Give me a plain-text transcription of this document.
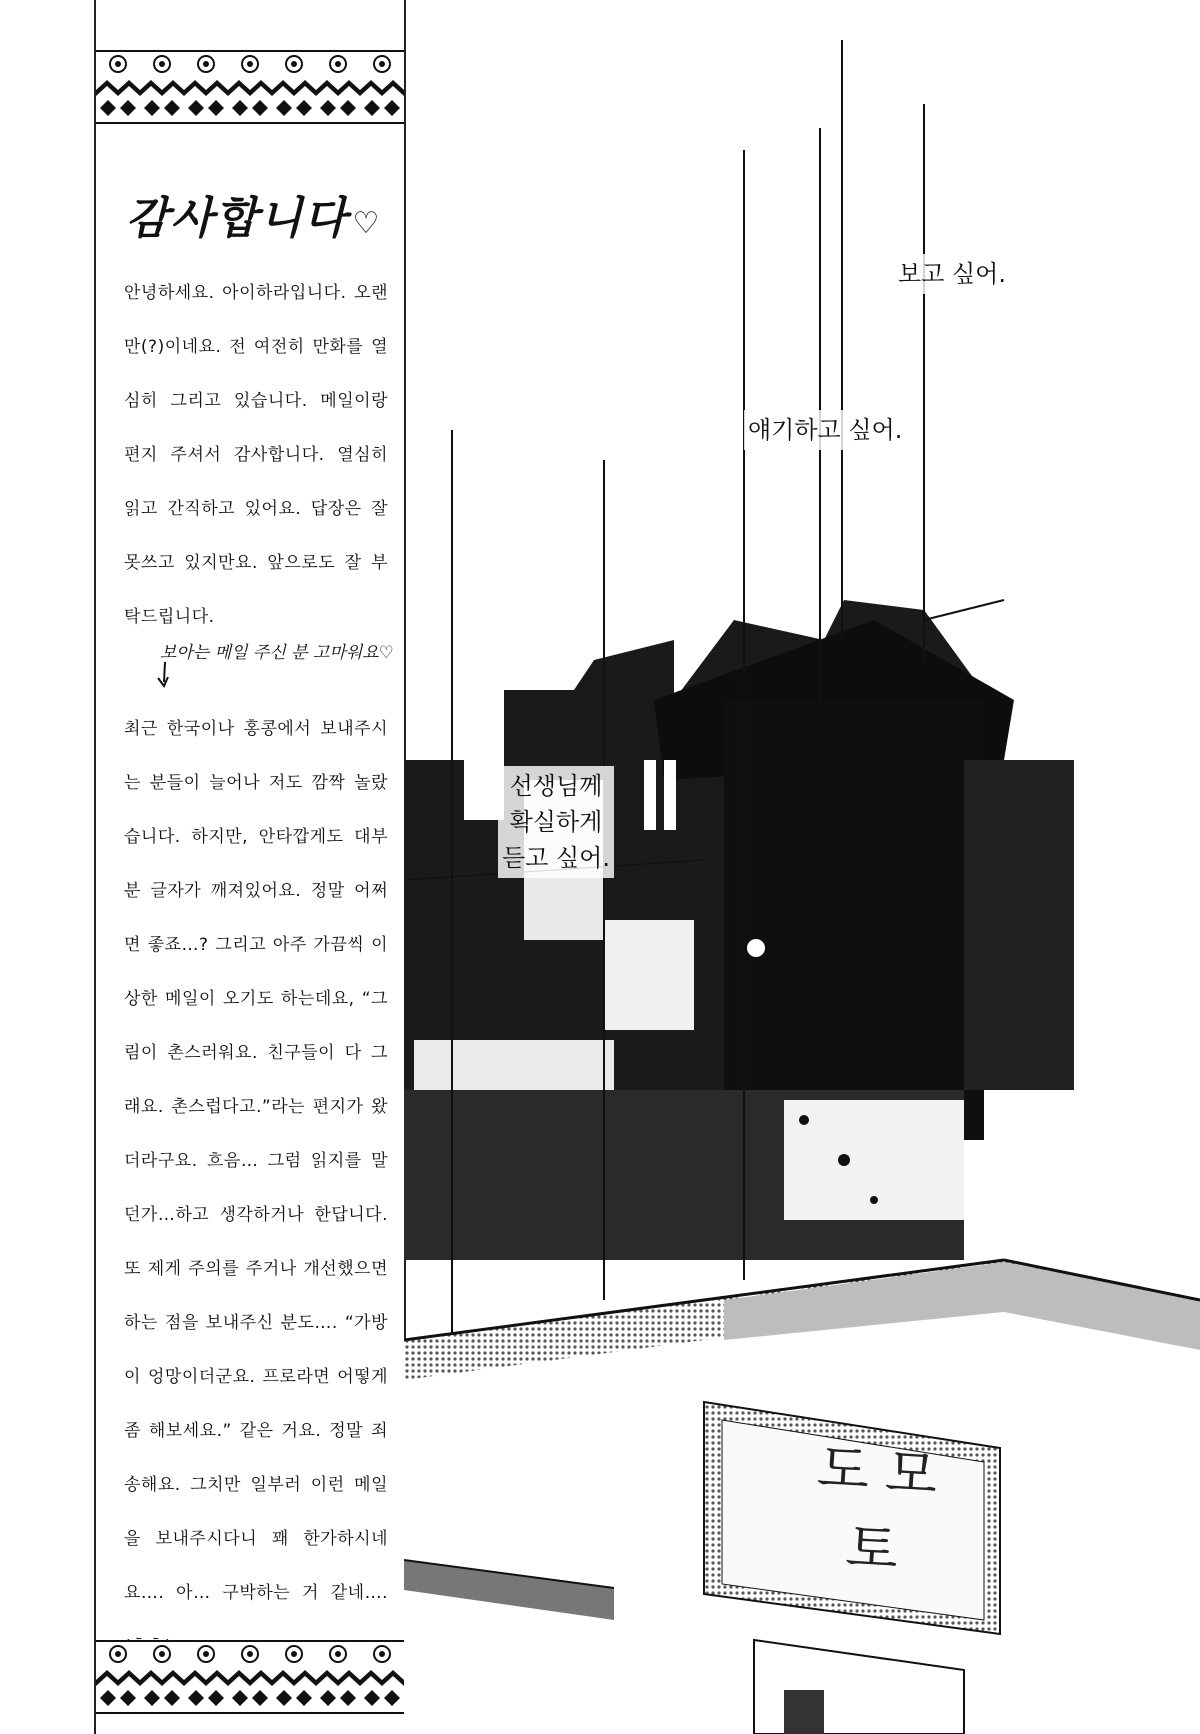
감사합니다 ♡

안녕하세요. 아이하라입니다. 오랜만(?)이네요. 전 여전히 만화를 열심히 그리고 있습니다. 메일이랑 편지 주셔서 감사합니다. 열심히 읽고 간직하고 있어요. 답장은 잘 못쓰고 있지만요. 앞으로도 잘 부탁드립니다.

보아는 메일 주신 분 고마워요♡

최근 한국이나 홍콩에서 보내주시는 분들이 늘어나 저도 깜짝 놀랐습니다. 하지만, 안타깝게도 대부분 글자가 깨져있어요. 정말 어쩌면 좋죠…? 그리고 아주 가끔씩 이상한 메일이 오기도 하는데요, “그림이 촌스러워요. 친구들이 다 그래요. 촌스럽다고.”라는 편지가 왔더라구요. 흐음… 그럼 읽지를 말던가…하고 생각하거나 한답니다. 또 제게 주의를 주거나 개선했으면 하는 점을 보내주신 분도…. “가방이 엉망이더군요. 프로라면 어떻게 좀 해보세요.” 같은 거요. 정말 죄송해요. 그치만 일부러 이런 메일을 보내주시다니 꽤 한가하시네요…. 아… 구박하는 거 같네….

보고 싶어.
얘기하고 싶어.
선생님께
확실하게
듣고 싶어.
도모토
